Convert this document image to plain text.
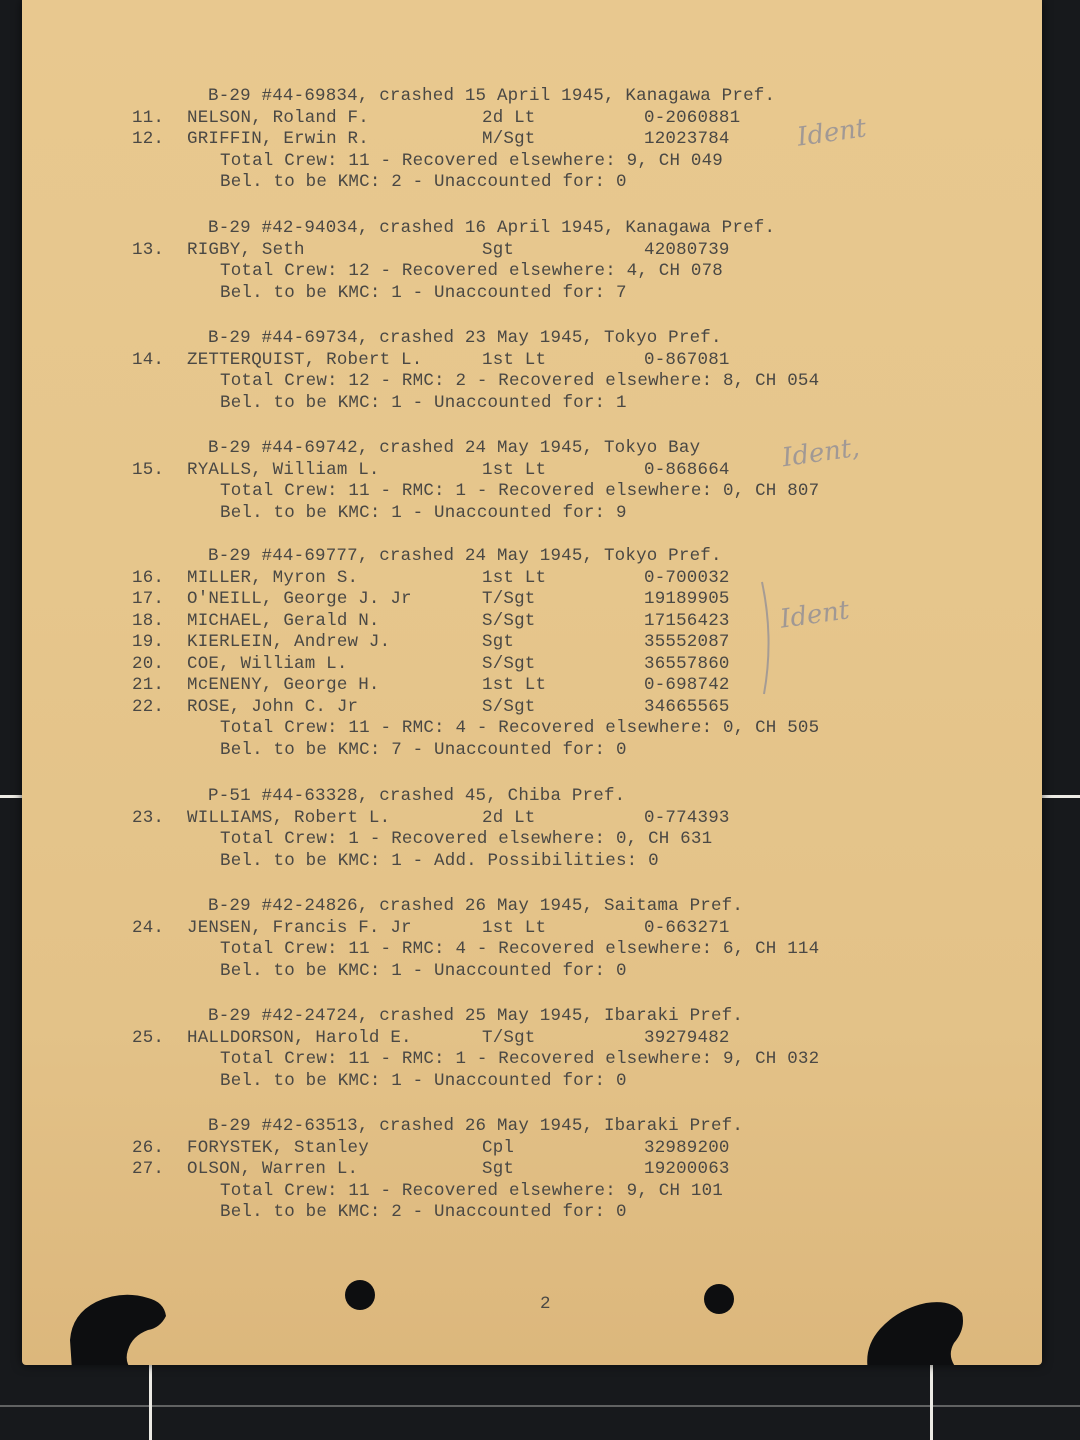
B-29 #44-69834, crashed 15 April 1945, Kanagawa Pref.
11. NELSON, Roland F.	2d Lt	0-2060881
12. GRIFFIN, Erwin R.	M/Sgt	12023784
Total Crew: 11 - Recovered elsewhere: 9, CH 049
Bel. to be KMC: 2 - Unaccounted for: 0
B-29 #42-94034, crashed 16 April 1945, Kanagawa Pref.
13. RIGBY, Seth	Sgt	42080739
Total Crew: 12 - Recovered elsewhere: 4, CH 078
Bel. to be KMC: 1 - Unaccounted for: 7
B-29 #44-69734, crashed 23 May 1945, Tokyo Pref.
14. ZETTERQUIST, Robert L.	1st Lt	0-867081
Total Crew: 12 - RMC: 2 - Recovered elsewhere: 8, CH 054
Bel. to be KMC: 1 - Unaccounted for: 1
B-29 #44-69742, crashed 24 May 1945, Tokyo Bay
15. RYALLS, William L.	1st Lt	0-868664
Total Crew: 11 - RMC: 1 - Recovered elsewhere: 0, CH 807
Bel. to be KMC: 1 - Unaccounted for: 9
B-29 #44-69777, crashed 24 May 1945, Tokyo Pref.
16. MILLER, Myron S.	1st Lt	0-700032
17. O'NEILL, George J. Jr	T/Sgt	19189905
18. MICHAEL, Gerald N.	S/Sgt	17156423
19. KIERLEIN, Andrew J.	Sgt	35552087
20. COE, William L.	S/Sgt	36557860
21. McENENY, George H.	1st Lt	0-698742
22. ROSE, John C. Jr	S/Sgt	34665565
Total Crew: 11 - RMC: 4 - Recovered elsewhere: 0, CH 505
Bel. to be KMC: 7 - Unaccounted for: 0
P-51 #44-63328, crashed 45, Chiba Pref.
23. WILLIAMS, Robert L.	2d Lt	0-774393
Total Crew: 1 - Recovered elsewhere: 0, CH 631
Bel. to be KMC: 1 - Add. Possibilities: 0
B-29 #42-24826, crashed 26 May 1945, Saitama Pref.
24. JENSEN, Francis F. Jr	1st Lt	0-663271
Total Crew: 11 - RMC: 4 - Recovered elsewhere: 6, CH 114
Bel. to be KMC: 1 - Unaccounted for: 0
B-29 #42-24724, crashed 25 May 1945, Ibaraki Pref.
25. HALLDORSON, Harold E.	T/Sgt	39279482
Total Crew: 11 - RMC: 1 - Recovered elsewhere: 9, CH 032
Bel. to be KMC: 1 - Unaccounted for: 0
B-29 #42-63513, crashed 26 May 1945, Ibaraki Pref.
26. FORYSTEK, Stanley	Cpl	32989200
27. OLSON, Warren L.	Sgt	19200063
Total Crew: 11 - Recovered elsewhere: 9, CH 101
Bel. to be KMC: 2 - Unaccounted for: 0
Ident
Ident,
Ident
2
